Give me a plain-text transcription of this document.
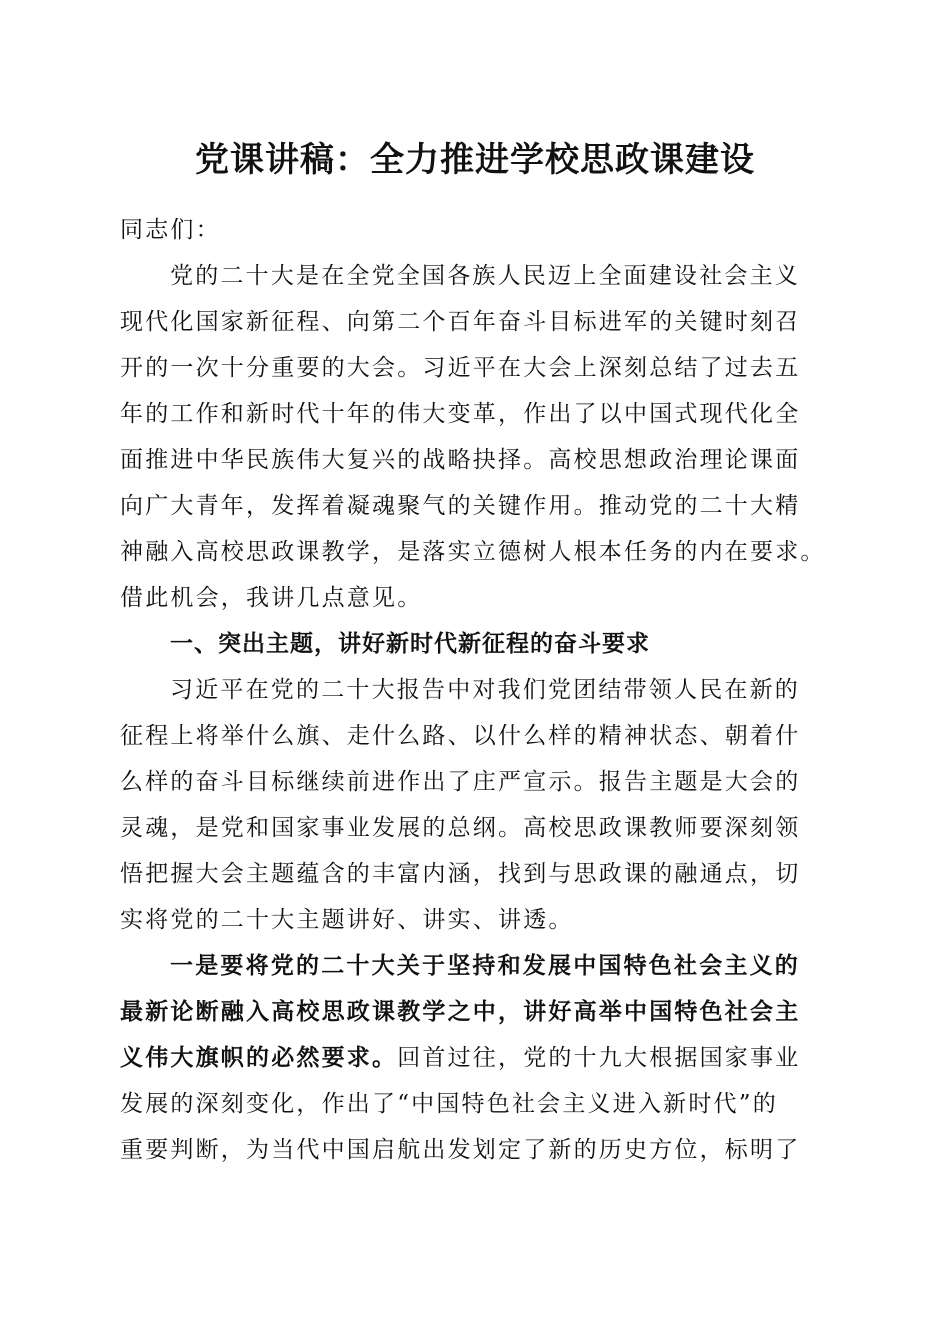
党课讲稿：全力推进学校思政课建设
同志们：
党的二十大是在全党全国各族人民迈上全面建设社会主义
现代化国家新征程、向第二个百年奋斗目标进军的关键时刻召
开的一次十分重要的大会。习近平在大会上深刻总结了过去五
年的工作和新时代十年的伟大变革，作出了以中国式现代化全
面推进中华民族伟大复兴的战略抉择。高校思想政治理论课面
向广大青年，发挥着凝魂聚气的关键作用。推动党的二十大精
神融入高校思政课教学，是落实立德树人根本任务的内在要求。
借此机会，我讲几点意见。
一、突出主题，讲好新时代新征程的奋斗要求
习近平在党的二十大报告中对我们党团结带领人民在新的
征程上将举什么旗、走什么路、以什么样的精神状态、朝着什
么样的奋斗目标继续前进作出了庄严宣示。报告主题是大会的
灵魂，是党和国家事业发展的总纲。高校思政课教师要深刻领
悟把握大会主题蕴含的丰富内涵，找到与思政课的融通点，切
实将党的二十大主题讲好、讲实、讲透。
一是要将党的二十大关于坚持和发展中国特色社会主义的
最新论断融入高校思政课教学之中，讲好高举中国特色社会主
义伟大旗帜的必然要求。回首过往，党的十九大根据国家事业
发展的深刻变化，作出了“中国特色社会主义进入新时代”的
重要判断，为当代中国启航出发划定了新的历史方位，标明了
